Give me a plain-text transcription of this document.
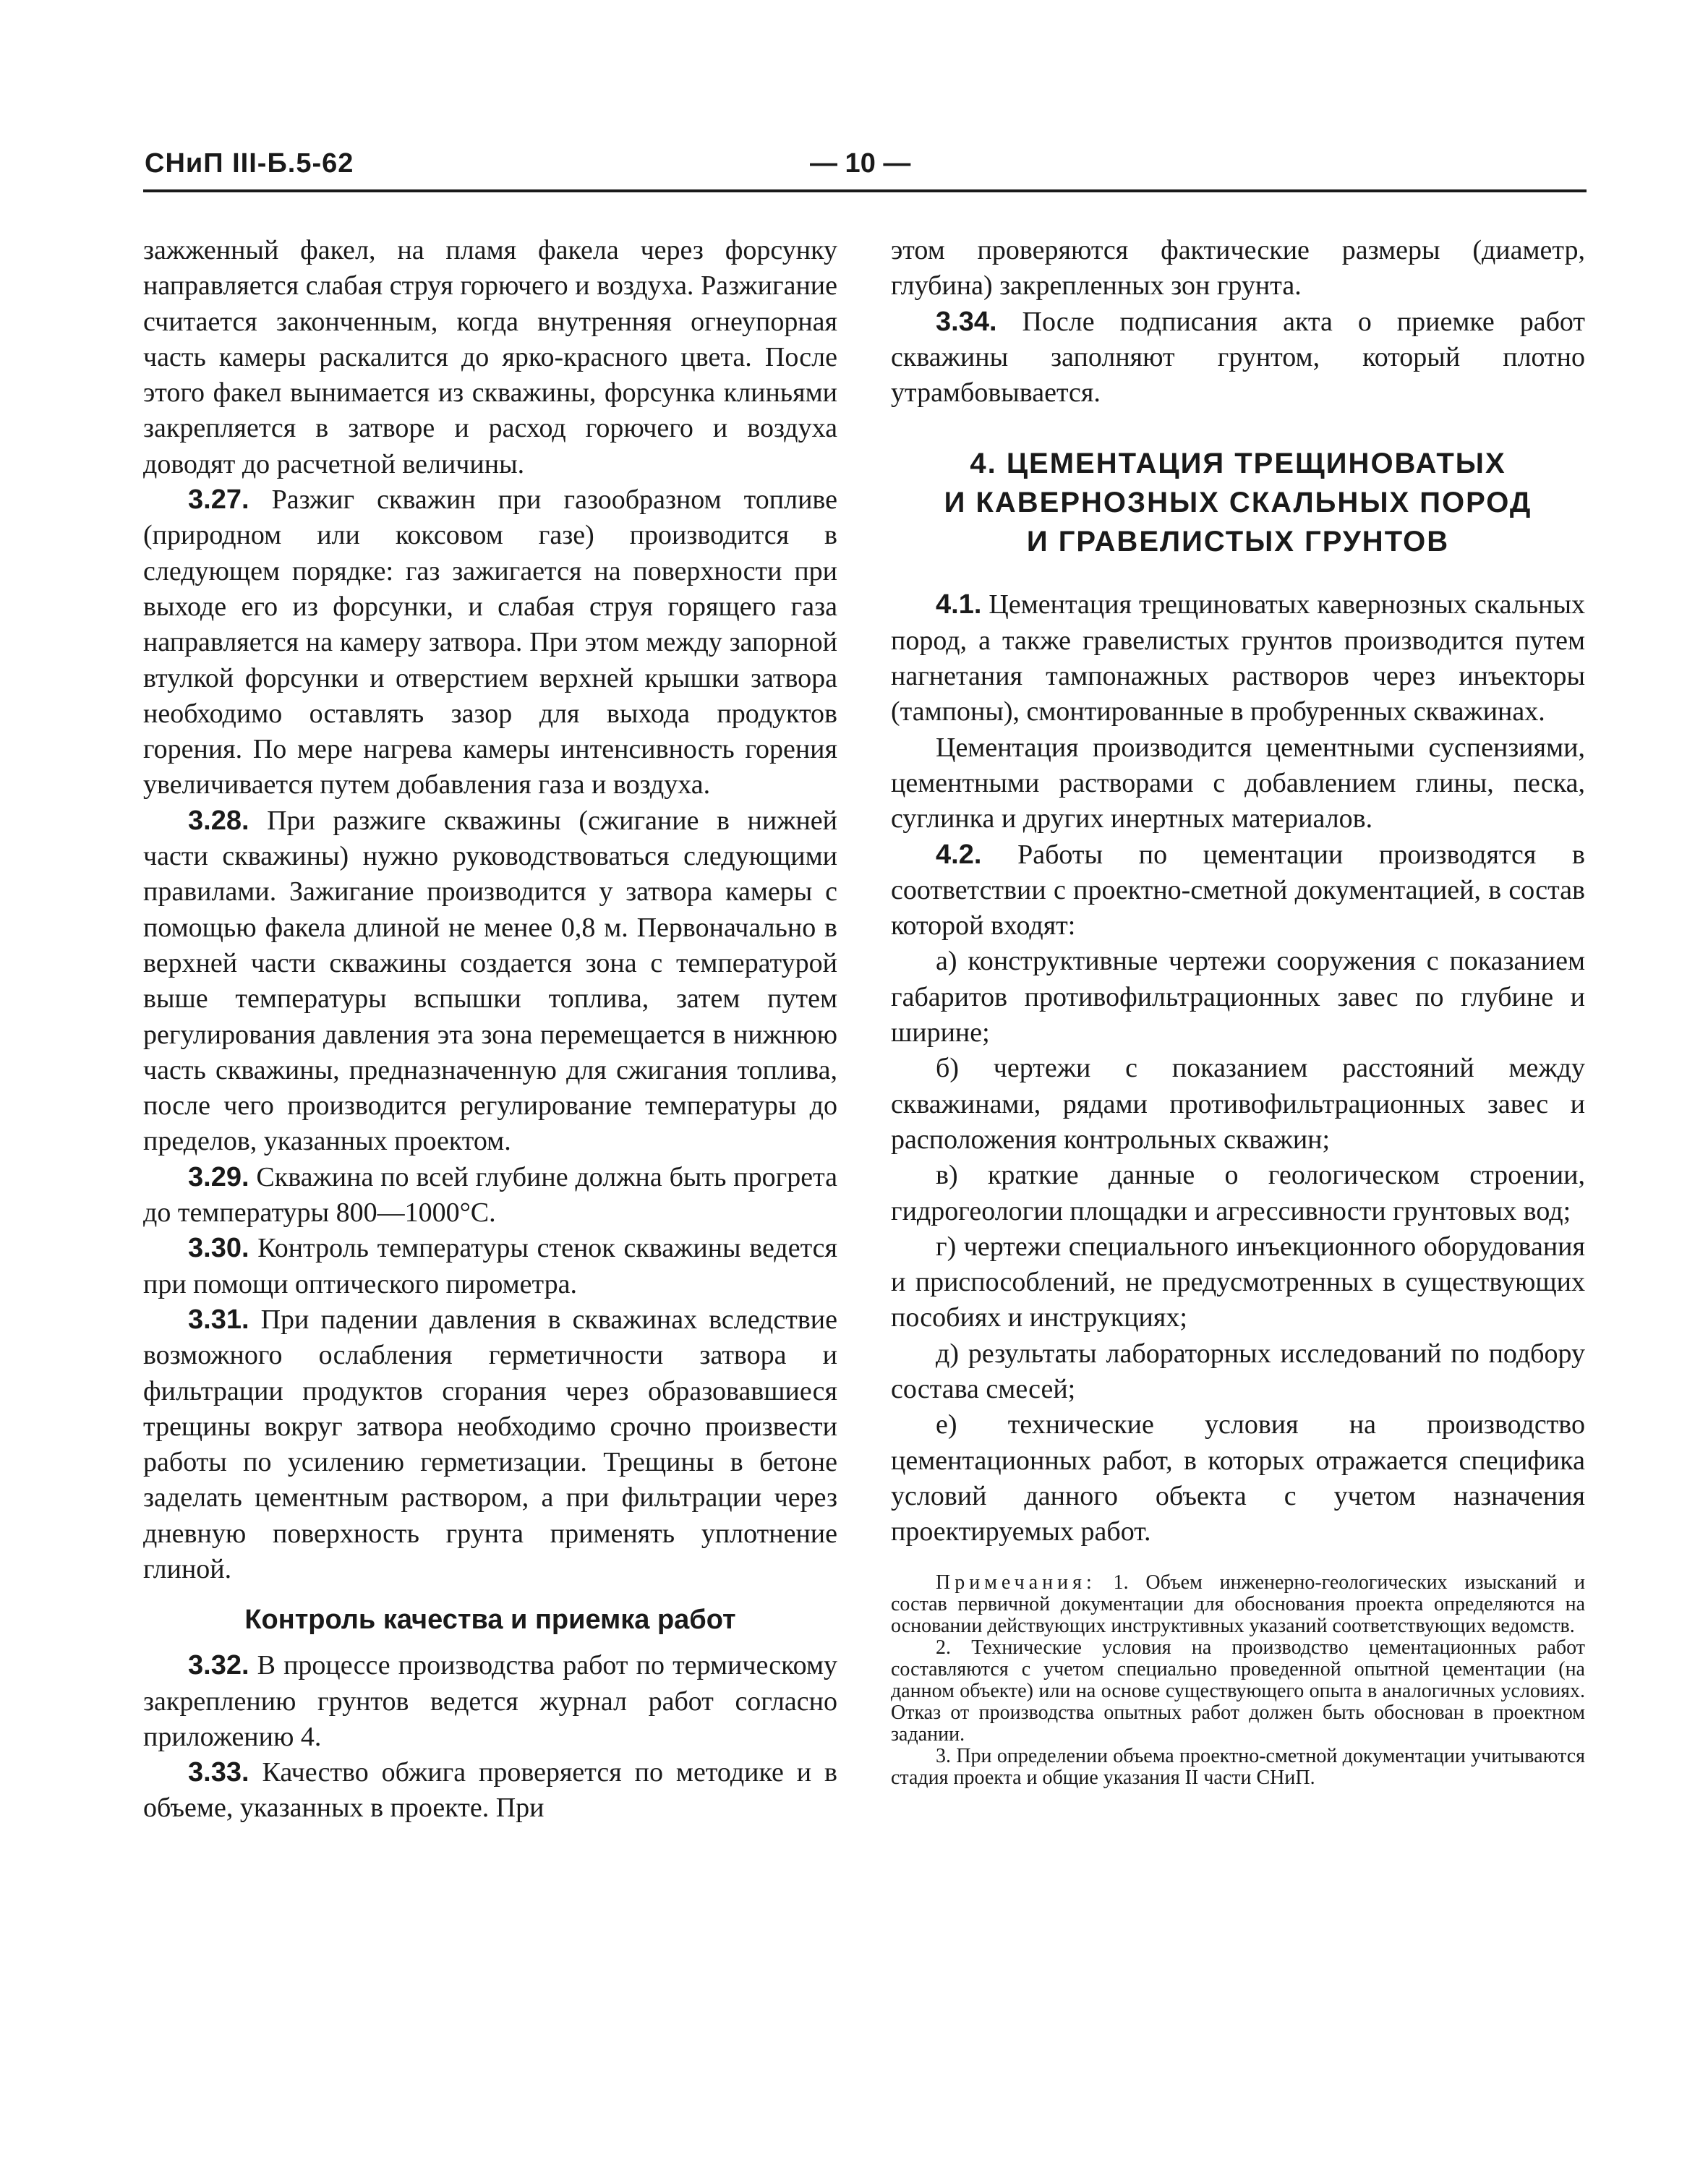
СНиП III-Б.5-62	— 10 —

зажженный факел, на пламя факела через форсунку направляется слабая струя горючего и воздуха. Разжигание считается законченным, когда внутренняя огнеупорная часть камеры раскалится до ярко-красного цвета. После этого факел вынимается из скважины, форсунка клиньями закрепляется в затворе и расход горючего и воздуха доводят до расчетной величины.

3.27. Разжиг скважин при газообразном топливе (природном или коксовом газе) производится в следующем порядке: газ зажигается на поверхности при выходе его из форсунки, и слабая струя горящего газа направляется на камеру затвора. При этом между запорной втулкой форсунки и отверстием верхней крышки затвора необходимо оставлять зазор для выхода продуктов горения. По мере нагрева камеры интенсивность горения увеличивается путем добавления газа и воздуха.

3.28. При разжиге скважины (сжигание в нижней части скважины) нужно руководствоваться следующими правилами. Зажигание производится у затвора камеры с помощью факела длиной не менее 0,8 м. Первоначально в верхней части скважины создается зона с температурой выше температуры вспышки топлива, затем путем регулирования давления эта зона перемещается в нижнюю часть скважины, предназначенную для сжигания топлива, после чего производится регулирование температуры до пределов, указанных проектом.

3.29. Скважина по всей глубине должна быть прогрета до температуры 800—1000°С.

3.30. Контроль температуры стенок скважины ведется при помощи оптического пирометра.

3.31. При падении давления в скважинах вследствие возможного ослабления герметичности затвора и фильтрации продуктов сгорания через образовавшиеся трещины вокруг затвора необходимо срочно произвести работы по усилению герметизации. Трещины в бетоне заделать цементным раствором, а при фильтрации через дневную поверхность грунта применять уплотнение глиной.

Контроль качества и приемка работ

3.32. В процессе производства работ по термическому закреплению грунтов ведется журнал работ согласно приложению 4.

3.33. Качество обжига проверяется по методике и в объеме, указанных в проекте. При

этом проверяются фактические размеры (диаметр, глубина) закрепленных зон грунта.

3.34. После подписания акта о приемке работ скважины заполняют грунтом, который плотно утрамбовывается.

4. ЦЕМЕНТАЦИЯ ТРЕЩИНОВАТЫХ
И КАВЕРНОЗНЫХ СКАЛЬНЫХ ПОРОД
И ГРАВЕЛИСТЫХ ГРУНТОВ

4.1. Цементация трещиноватых кавернозных скальных пород, а также гравелистых грунтов производится путем нагнетания тампонажных растворов через инъекторы (тампоны), смонтированные в пробуренных скважинах.

Цементация производится цементными суспензиями, цементными растворами с добавлением глины, песка, суглинка и других инертных материалов.

4.2. Работы по цементации производятся в соответствии с проектно-сметной документацией, в состав которой входят:

а) конструктивные чертежи сооружения с показанием габаритов противофильтрационных завес по глубине и ширине;

б) чертежи с показанием расстояний между скважинами, рядами противофильтрационных завес и расположения контрольных скважин;

в) краткие данные о геологическом строении, гидрогеологии площадки и агрессивности грунтовых вод;

г) чертежи специального инъекционного оборудования и приспособлений, не предусмотренных в существующих пособиях и инструкциях;

д) результаты лабораторных исследований по подбору состава смесей;

е) технические условия на производство цементационных работ, в которых отражается специфика условий данного объекта с учетом назначения проектируемых работ.

Примечания: 1. Объем инженерно-геологических изысканий и состав первичной документации для обоснования проекта определяются на основании действующих инструктивных указаний соответствующих ведомств.

2. Технические условия на производство цементационных работ составляются с учетом специально проведенной опытной цементации (на данном объекте) или на основе существующего опыта в аналогичных условиях. Отказ от производства опытных работ должен быть обоснован в проектном задании.

3. При определении объема проектно-сметной документации учитываются стадия проекта и общие указания II части СНиП.
